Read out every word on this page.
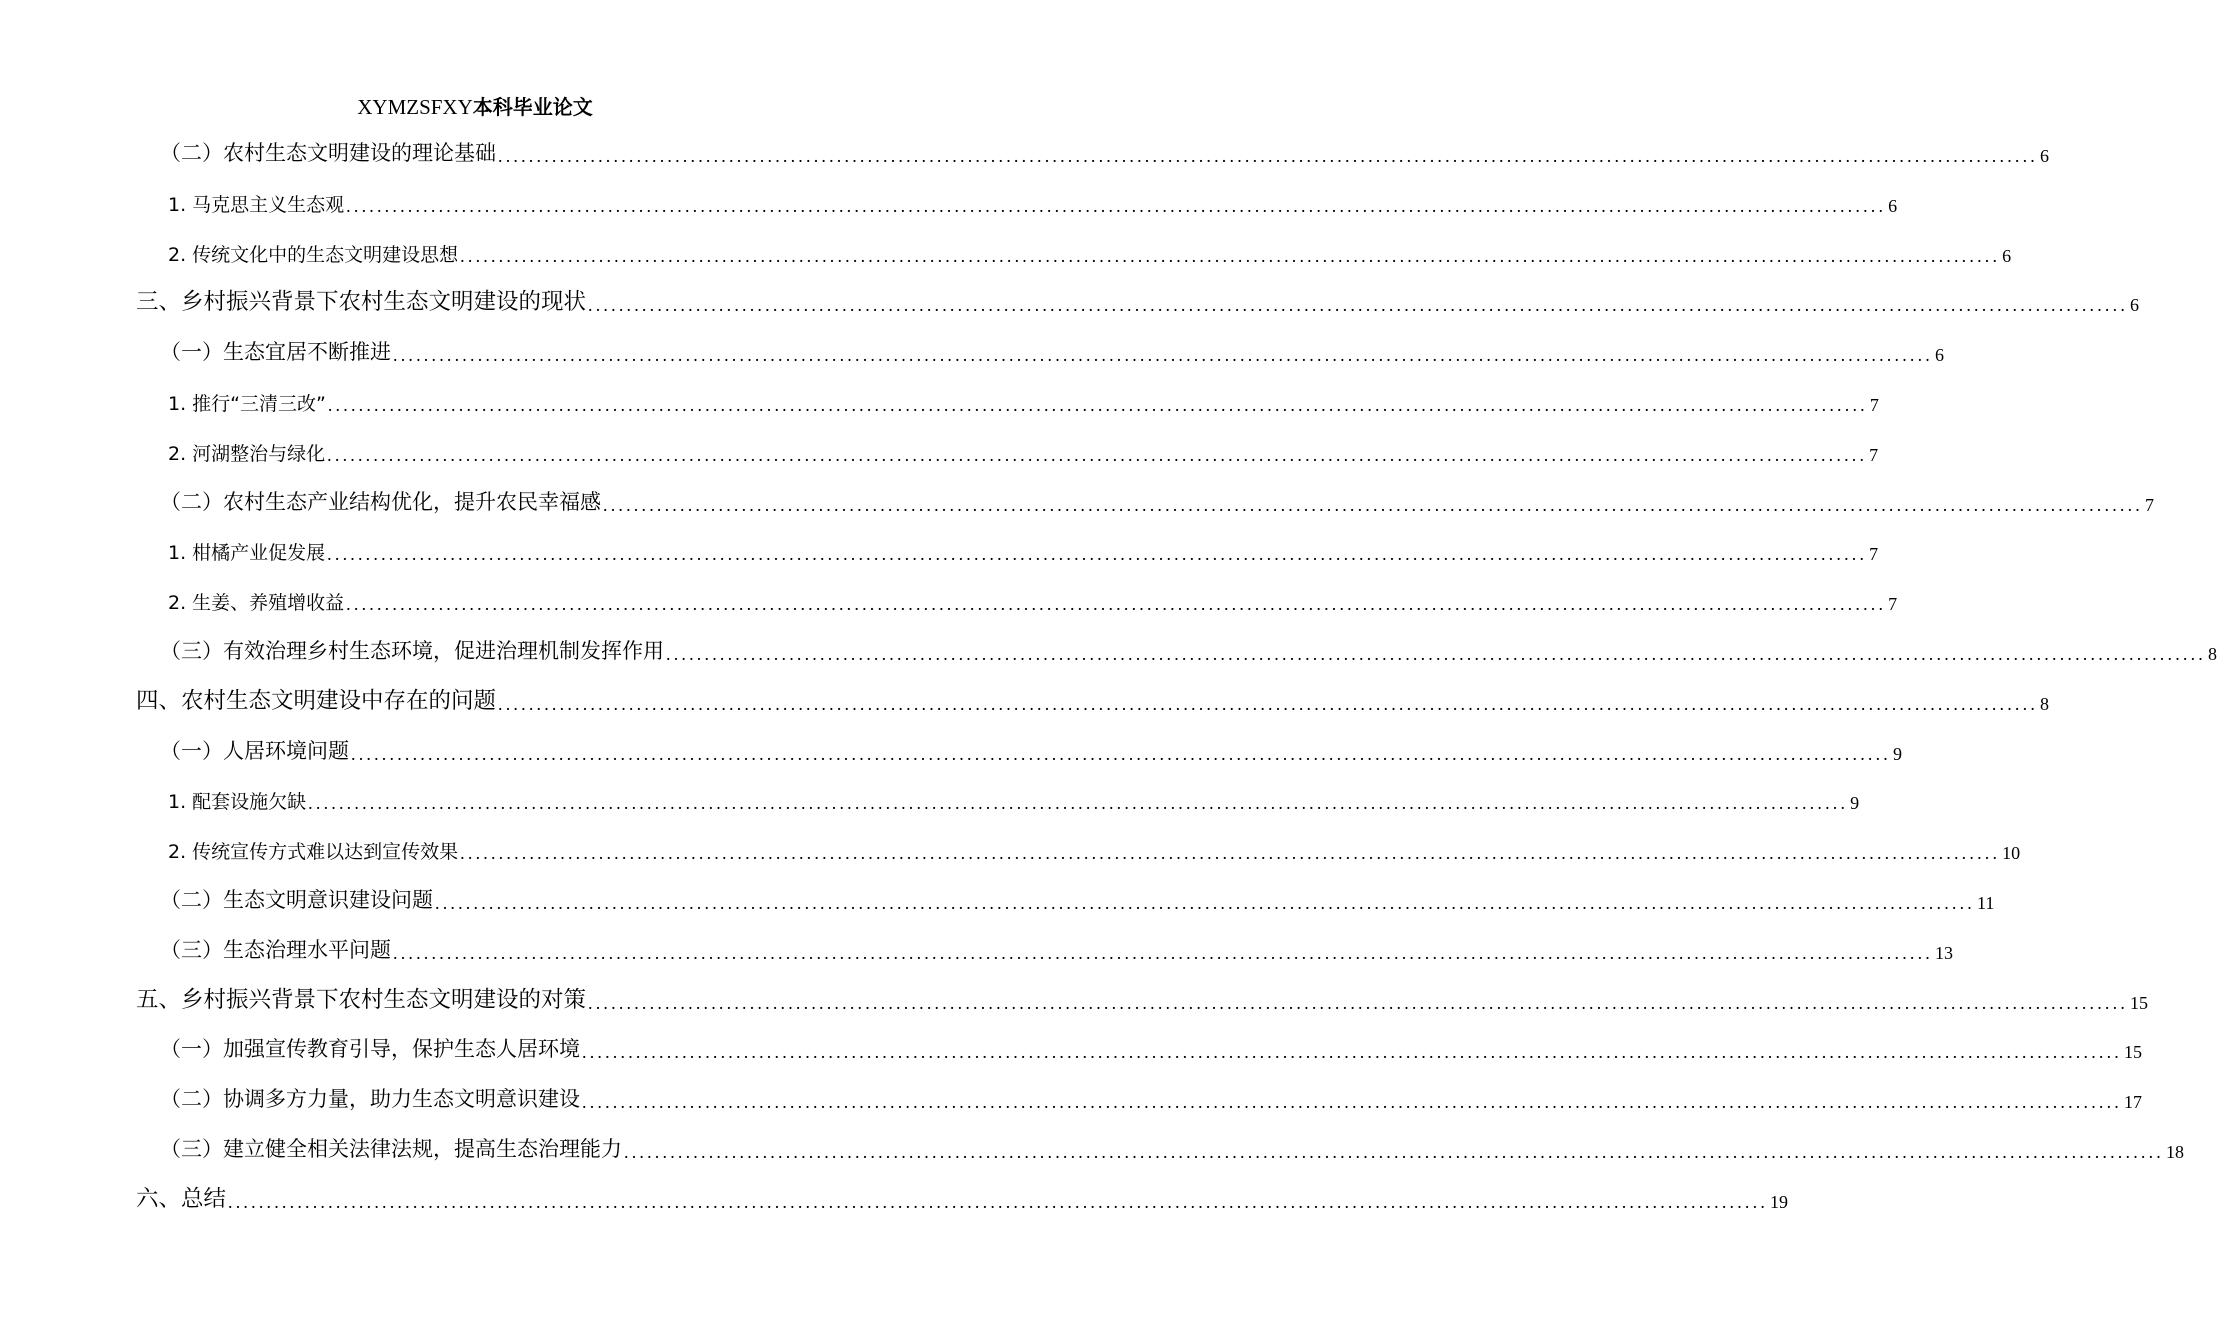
XYMZSFXY本科毕业论文
（二）农村生态文明建设的理论基础 ........................................................................................................................................................................................................ 6
1. 马克思主义生态观 ........................................................................................................................................................................................................ 6
2. 传统文化中的生态文明建设思想 ........................................................................................................................................................................................................ 6
三、乡村振兴背景下农村生态文明建设的现状 ........................................................................................................................................................................................................ 6
（一）生态宜居不断推进 ........................................................................................................................................................................................................ 6
1. 推行“三清三改” ........................................................................................................................................................................................................ 7
2. 河湖整治与绿化 ........................................................................................................................................................................................................ 7
（二）农村生态产业结构优化，提升农民幸福感 ........................................................................................................................................................................................................ 7
1. 柑橘产业促发展 ........................................................................................................................................................................................................ 7
2. 生姜、养殖增收益 ........................................................................................................................................................................................................ 7
（三）有效治理乡村生态环境，促进治理机制发挥作用 ........................................................................................................................................................................................................ 8
四、农村生态文明建设中存在的问题 ........................................................................................................................................................................................................ 8
（一）人居环境问题 ........................................................................................................................................................................................................ 9
1. 配套设施欠缺 ........................................................................................................................................................................................................ 9
2. 传统宣传方式难以达到宣传效果 ........................................................................................................................................................................................................ 10
（二）生态文明意识建设问题 ........................................................................................................................................................................................................ 11
（三）生态治理水平问题 ........................................................................................................................................................................................................ 13
五、乡村振兴背景下农村生态文明建设的对策 ........................................................................................................................................................................................................ 15
（一）加强宣传教育引导，保护生态人居环境 ........................................................................................................................................................................................................ 15
（二）协调多方力量，助力生态文明意识建设 ........................................................................................................................................................................................................ 17
（三）建立健全相关法律法规，提高生态治理能力 ........................................................................................................................................................................................................ 18
六、总结 ........................................................................................................................................................................................................ 19
